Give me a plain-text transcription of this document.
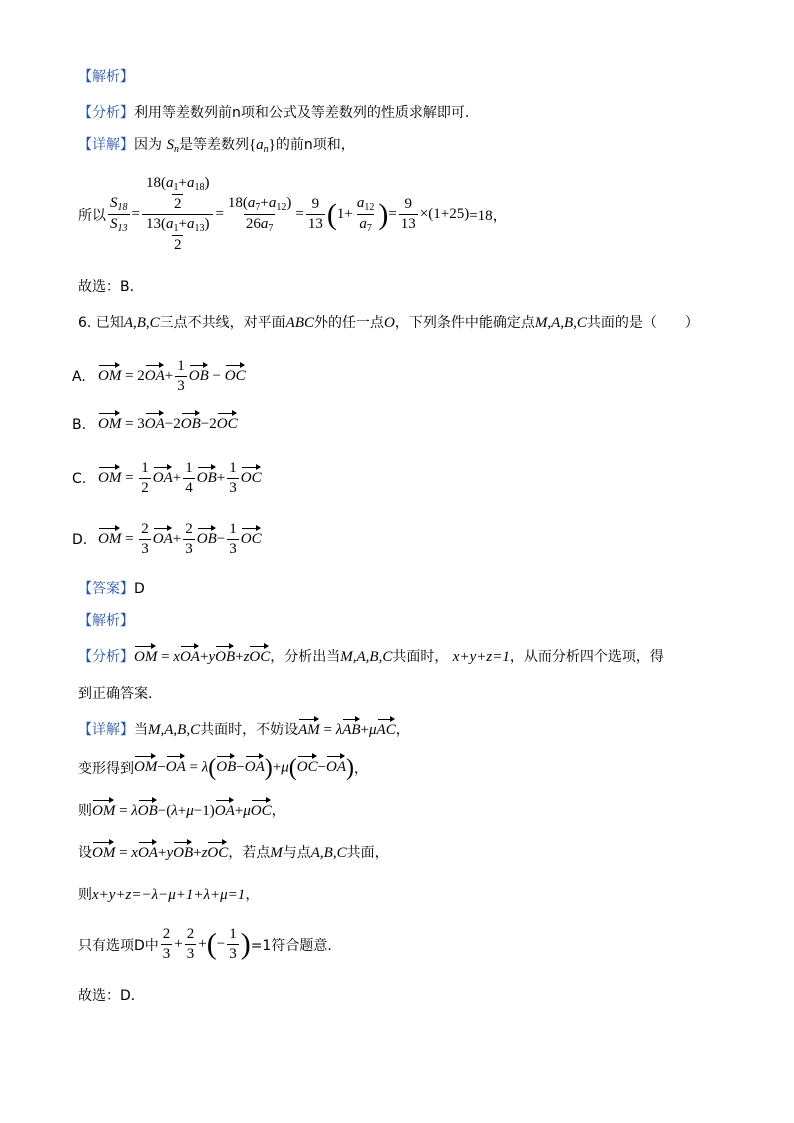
【解析】
【分析】利用等差数列前n项和公式及等差数列的性质求解即可.
【详解】因为 $S_n$是等差数列$\{a_n\}$的前n项和，
所以 $\frac{S_{18}}{S_{13}} = \frac{\frac{18(a_1+a_{18})}{2}}{\frac{13(a_1+a_{13})}{2}} = \frac{18(a_7+a_{12})}{26a_7} = \frac{9}{13}$ ( $1+ \frac{a_{12}}{a_7}$ ) = $\frac{9}{13} \times(1+25) =18$，
故选：B．
6. 已知A,B,C三点不共线，对平面ABC外的任一点O，下列条件中能确定点M,A,B,C共面的是（　　）
A. OM = $2OA+ \frac{1}{3}$ OB − OC
B. OM = 3OA−2OB−2OC
C. OM = $\frac{1}{2} OA+ \frac{1}{4} OB+ \frac{1}{3}$ OC
D. OM = $\frac{2}{3} OA+ \frac{2}{3} OB- \frac{1}{3}$ OC
【答案】D
【解析】
【分析】OM = xOA+yOB+zOC，分析出当M,A,B,C共面时， x+y+z=1，从而分析四个选项，得
到正确答案.
【详解】当M,A,B,C共面时，不妨设AM = λAB+μAC，
变形得到 OM−OA = λ(OB−OA)+μ(OC−OA) ，
则OM = λOB−(λ+μ−1)OA+μOC，
设OM = xOA+yOB+zOC，若点M与点A,B,C共面，
则x+y+z=−λ−μ+1+λ+μ=1，
只有选项D中 $\frac{2}{3} + \frac{2}{3}$ +(− $\frac{1}{3}$ ) =1符合题意.
故选：D．
